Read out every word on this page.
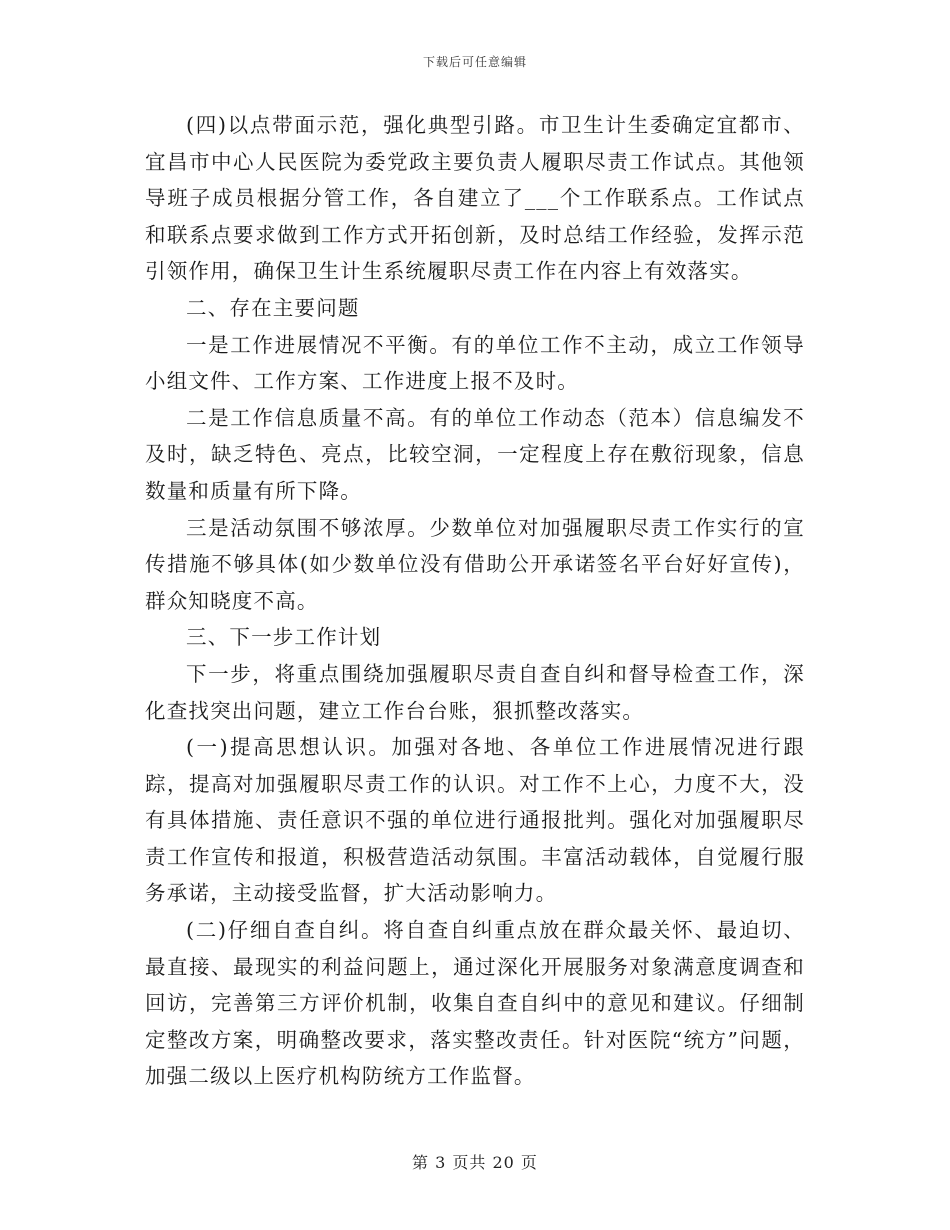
下载后可任意编辑

(四)以点带面示范，强化典型引路。市卫生计生委确定宜都市、宜昌市中心人民医院为委党政主要负责人履职尽责工作试点。其他领导班子成员根据分管工作，各自建立了___个工作联系点。工作试点和联系点要求做到工作方式开拓创新，及时总结工作经验，发挥示范引领作用，确保卫生计生系统履职尽责工作在内容上有效落实。

二、存在主要问题

一是工作进展情况不平衡。有的单位工作不主动，成立工作领导小组文件、工作方案、工作进度上报不及时。

二是工作信息质量不高。有的单位工作动态（范本）信息编发不及时，缺乏特色、亮点，比较空洞，一定程度上存在敷衍现象，信息数量和质量有所下降。

三是活动氛围不够浓厚。少数单位对加强履职尽责工作实行的宣传措施不够具体(如少数单位没有借助公开承诺签名平台好好宣传)，群众知晓度不高。

三、下一步工作计划

下一步，将重点围绕加强履职尽责自查自纠和督导检查工作，深化查找突出问题，建立工作台台账，狠抓整改落实。

(一)提高思想认识。加强对各地、各单位工作进展情况进行跟踪，提高对加强履职尽责工作的认识。对工作不上心，力度不大，没有具体措施、责任意识不强的单位进行通报批判。强化对加强履职尽责工作宣传和报道，积极营造活动氛围。丰富活动载体，自觉履行服务承诺，主动接受监督，扩大活动影响力。

(二)仔细自查自纠。将自查自纠重点放在群众最关怀、最迫切、最直接、最现实的利益问题上，通过深化开展服务对象满意度调查和回访，完善第三方评价机制，收集自查自纠中的意见和建议。仔细制定整改方案，明确整改要求，落实整改责任。针对医院“统方”问题，加强二级以上医疗机构防统方工作监督。

第 3 页共 20 页
